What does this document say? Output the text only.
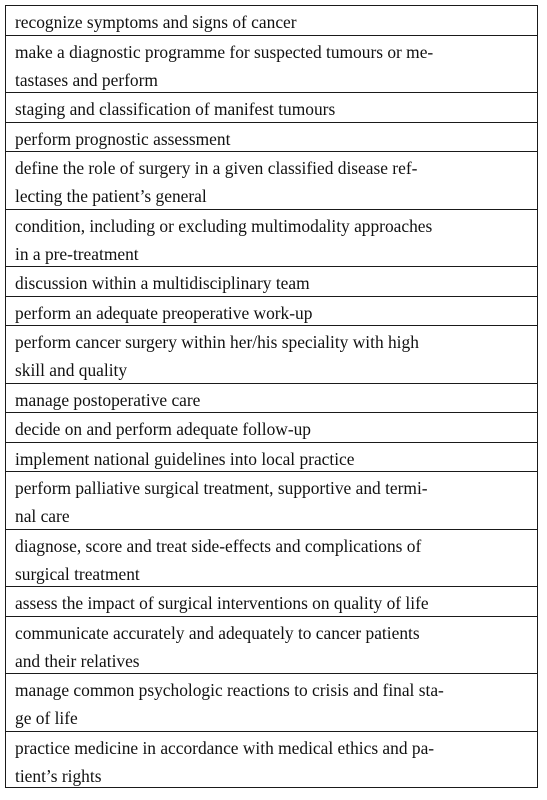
recognize symptoms and signs of cancer
make a diagnostic programme for suspected tumours or me-
tastases and perform
staging and classification of manifest tumours
perform prognostic assessment
define the role of surgery in a given classified disease ref-
lecting the patient’s general
condition, including or excluding multimodality approaches
in a pre-treatment
discussion within a multidisciplinary team
perform an adequate preoperative work-up
perform cancer surgery within her/his speciality with high
skill and quality
manage postoperative care
decide on and perform adequate follow-up
implement national guidelines into local practice
perform palliative surgical treatment, supportive and termi-
nal care
diagnose, score and treat side-effects and complications of
surgical treatment
assess the impact of surgical interventions on quality of life
communicate accurately and adequately to cancer patients
and their relatives
manage common psychologic reactions to crisis and final sta-
ge of life
practice medicine in accordance with medical ethics and pa-
tient’s rights
